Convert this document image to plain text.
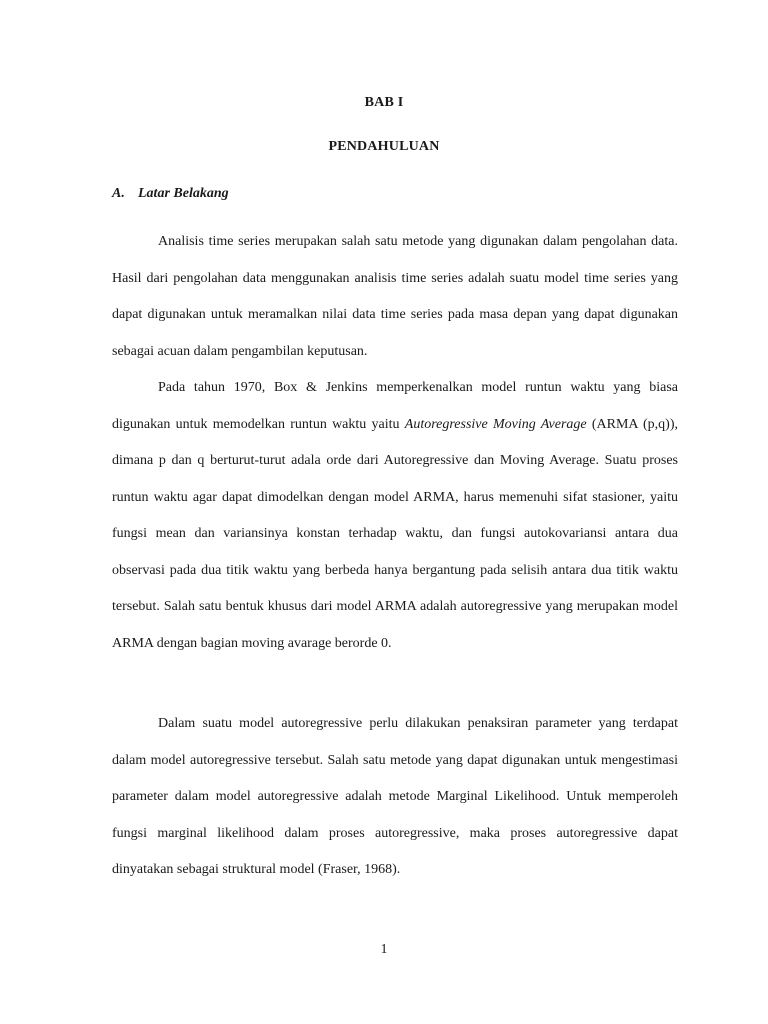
BAB I
PENDAHULUAN
A. Latar Belakang

Analisis time series merupakan salah satu metode yang digunakan dalam pengolahan data. Hasil dari pengolahan data menggunakan analisis time series adalah suatu model time series yang dapat digunakan untuk meramalkan nilai data time series pada masa depan yang dapat digunakan sebagai acuan dalam pengambilan keputusan.

Pada tahun 1970, Box & Jenkins memperkenalkan model runtun waktu yang biasa digunakan untuk memodelkan runtun waktu yaitu Autoregressive Moving Average (ARMA (p,q)), dimana p dan q berturut-turut adala orde dari Autoregressive dan Moving Average. Suatu proses runtun waktu agar dapat dimodelkan dengan model ARMA, harus memenuhi sifat stasioner, yaitu fungsi mean dan variansinya konstan terhadap waktu, dan fungsi autokovariansi antara dua observasi pada dua titik waktu yang berbeda hanya bergantung pada selisih antara dua titik waktu tersebut. Salah satu bentuk khusus dari model ARMA adalah autoregressive yang merupakan model ARMA dengan bagian moving avarage berorde 0.

Dalam suatu model autoregressive perlu dilakukan penaksiran parameter yang terdapat dalam model autoregressive tersebut. Salah satu metode yang dapat digunakan untuk mengestimasi parameter dalam model autoregressive adalah metode Marginal Likelihood. Untuk memperoleh fungsi marginal likelihood dalam proses autoregressive, maka proses autoregressive dapat dinyatakan sebagai struktural model (Fraser, 1968).

1
